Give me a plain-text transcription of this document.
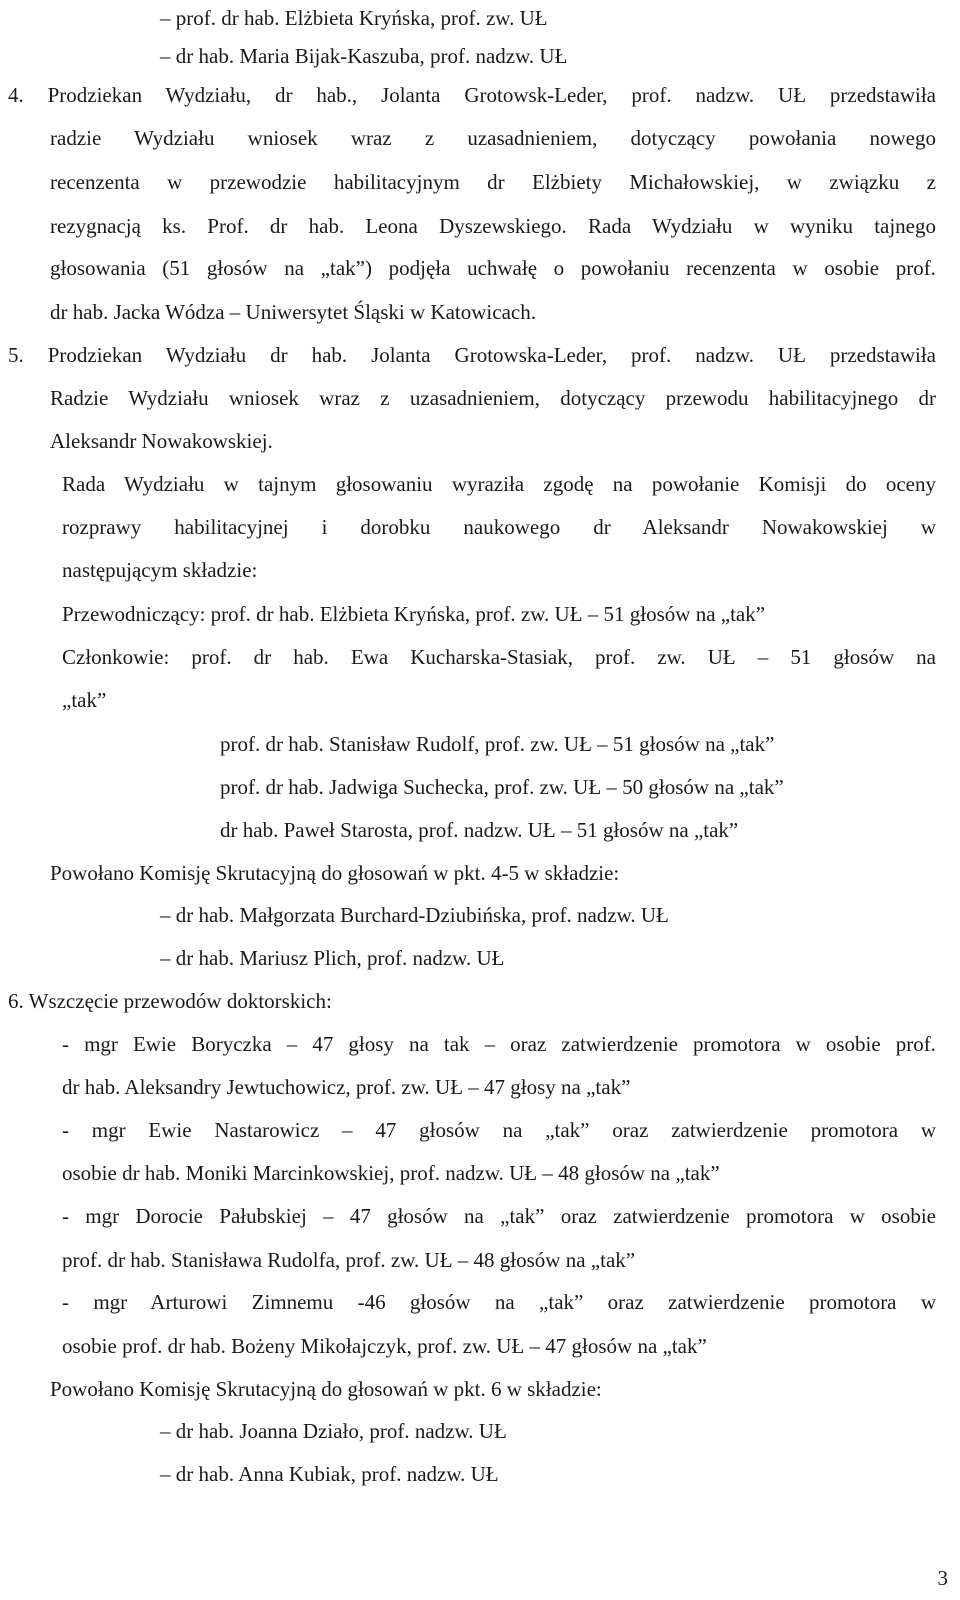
– prof. dr hab. Elżbieta Kryńska, prof. zw. UŁ

– dr hab. Maria Bijak-Kaszuba, prof. nadzw. UŁ

4. Prodziekan Wydziału, dr hab., Jolanta Grotowsk-Leder, prof. nadzw. UŁ przedstawiła

radzie Wydziału wniosek wraz z uzasadnieniem, dotyczący powołania nowego

recenzenta w przewodzie habilitacyjnym dr Elżbiety Michałowskiej, w związku z

rezygnacją ks. Prof. dr hab. Leona Dyszewskiego. Rada Wydziału w wyniku tajnego

głosowania (51 głosów na „tak”) podjęła uchwałę o powołaniu recenzenta w osobie prof.

dr hab. Jacka Wódza – Uniwersytet Śląski w Katowicach.

5. Prodziekan Wydziału dr hab. Jolanta Grotowska-Leder, prof. nadzw. UŁ przedstawiła

Radzie Wydziału wniosek wraz z uzasadnieniem, dotyczący przewodu habilitacyjnego dr

Aleksandr Nowakowskiej.

Rada Wydziału w tajnym głosowaniu wyraziła zgodę na powołanie Komisji do oceny

rozprawy habilitacyjnej i dorobku naukowego dr Aleksandr Nowakowskiej w

następującym składzie:

Przewodniczący: prof. dr hab. Elżbieta Kryńska, prof. zw. UŁ – 51 głosów na „tak”

Członkowie: prof. dr hab. Ewa Kucharska-Stasiak, prof. zw. UŁ – 51 głosów na

„tak”

prof. dr hab. Stanisław Rudolf, prof. zw. UŁ – 51 głosów na „tak”

prof. dr hab. Jadwiga Suchecka, prof. zw. UŁ – 50 głosów na „tak”

dr hab. Paweł Starosta, prof. nadzw. UŁ – 51 głosów na „tak”

Powołano Komisję Skrutacyjną do głosowań w pkt. 4-5 w składzie:

– dr hab. Małgorzata Burchard-Dziubińska, prof. nadzw. UŁ

– dr hab. Mariusz Plich, prof. nadzw. UŁ

6. Wszczęcie przewodów doktorskich:

- mgr Ewie Boryczka – 47 głosy na tak – oraz zatwierdzenie promotora w osobie prof.

dr hab. Aleksandry Jewtuchowicz, prof. zw. UŁ – 47 głosy na „tak”

- mgr Ewie Nastarowicz – 47 głosów na „tak” oraz zatwierdzenie promotora w

osobie dr hab. Moniki Marcinkowskiej, prof. nadzw. UŁ – 48 głosów na „tak”

- mgr Dorocie Pałubskiej – 47 głosów na „tak” oraz zatwierdzenie promotora w osobie

prof. dr hab. Stanisława Rudolfa, prof. zw. UŁ – 48 głosów na „tak”

- mgr Arturowi Zimnemu -46 głosów na „tak” oraz zatwierdzenie promotora w

osobie prof. dr hab. Bożeny Mikołajczyk, prof. zw. UŁ – 47 głosów na „tak”

Powołano Komisję Skrutacyjną do głosowań w pkt. 6 w składzie:

– dr hab. Joanna Działo, prof. nadzw. UŁ

– dr hab. Anna Kubiak, prof. nadzw. UŁ

3
